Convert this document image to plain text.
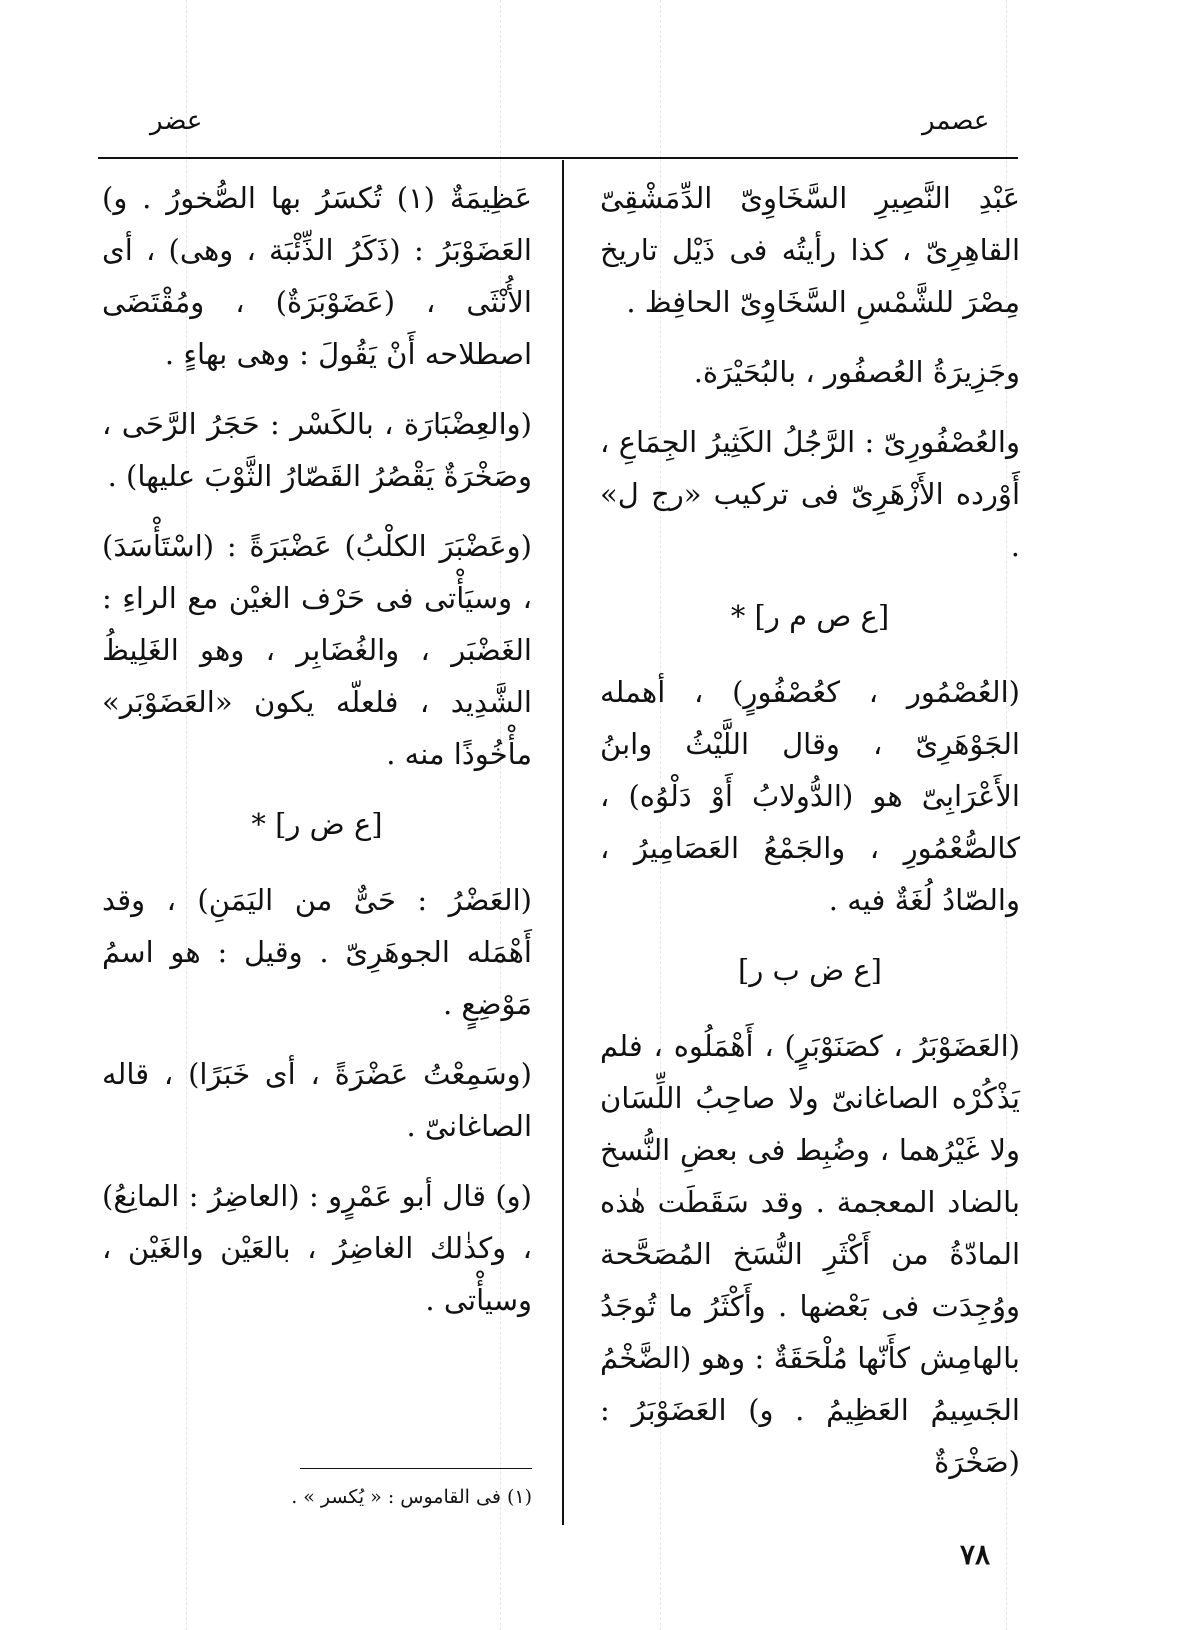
عصمر
عضر

عَبْدِ النَّصِيرِ السَّخَاوِىّ الدِّمَشْقِىّ القاهِرِىّ ، كذا رأيتُه فى ذَيْل تاريخ مِصْرَ للشَّمْسِ السَّخَاوِىّ الحافِظ .

وجَزِيرَةُ العُصفُور ، بالبُحَيْرَة.

والعُصْفُورِىّ : الرَّجُلُ الكَثِيرُ الجِمَاعِ ، أَوْرده الأَزْهَرِىّ فى تركيب «رج ل» .

[ع ص م ر] *

(العُصْمُور ، كعُصْفُورٍ) ، أهمله الجَوْهَرِىّ ، وقال اللَّيْثُ وابنُ الأَعْرَابِىّ هو (الدُّولابُ أَوْ دَلْوُه) ، كالصُّعْمُورِ ، والجَمْعُ العَصَامِيرُ ، والصّادُ لُغَةٌ فيه .

[ع ض ب ر]

(العَضَوْبَرُ ، كصَنَوْبَرٍ) ، أَهْمَلُوه ، فلم يَذْكُرْه الصاغانىّ ولا صاحِبُ اللِّسَان ولا غَيْرُهما ، وضُبِط فى بعضِ النُّسخ بالضاد المعجمة . وقد سَقَطَت هٰذه المادّةُ من أَكْثَرِ النُّسَخ المُصَحَّحة ووُجِدَت فى بَعْضها . وأَكْثَرُ ما تُوجَدُ بالهامِش كأَنّها مُلْحَقَةٌ : وهو (الضَّخْمُ الجَسِيمُ العَظِيمُ . و) العَضَوْبَرُ : (صَخْرَةٌ

عَظِيمَةٌ (١) تُكسَرُ بها الصُّخورُ . و) العَضَوْبَرُ : (ذَكَرُ الذِّئْبَة ، وهى) ، أى الأُنْثَى ، (عَضَوْبَرَةٌ) ، ومُقْتَضَى اصطلاحه أَنْ يَقُولَ : وهى بهاءٍ .

(والعِضْبَارَة ، بالكَسْر : حَجَرُ الرَّحَى ، وصَخْرَةٌ يَقْصُرُ القَصّارُ الثَّوْبَ عليها) .

(وعَضْبَرَ الكلْبُ) عَضْبَرَةً : (اسْتَأْسَدَ) ، وسيَأْتى فى حَرْف الغيْن مع الراءِ : الغَضْبَر ، والغُضَابِر ، وهو الغَلِيظُ الشَّدِيد ، فلعلّه يكون «العَضَوْبَر» مأْخُوذًا منه .

[ع ض ر] *

(العَضْرُ : حَىٌّ من اليَمَنِ) ، وقد أَهْمَله الجوهَرِىّ . وقيل : هو اسمُ مَوْضِعٍ .

(وسَمِعْتُ عَضْرَةً ، أى خَبَرًا) ، قاله الصاغانىّ .

(و) قال أبو عَمْرٍو : (العاضِرُ : المانِعُ) ، وكذٰلك الغاضِرُ ، بالعَيْن والغَيْن ، وسيأْتى .

(١) فى القاموس : « يُكسر » .
٧٨
